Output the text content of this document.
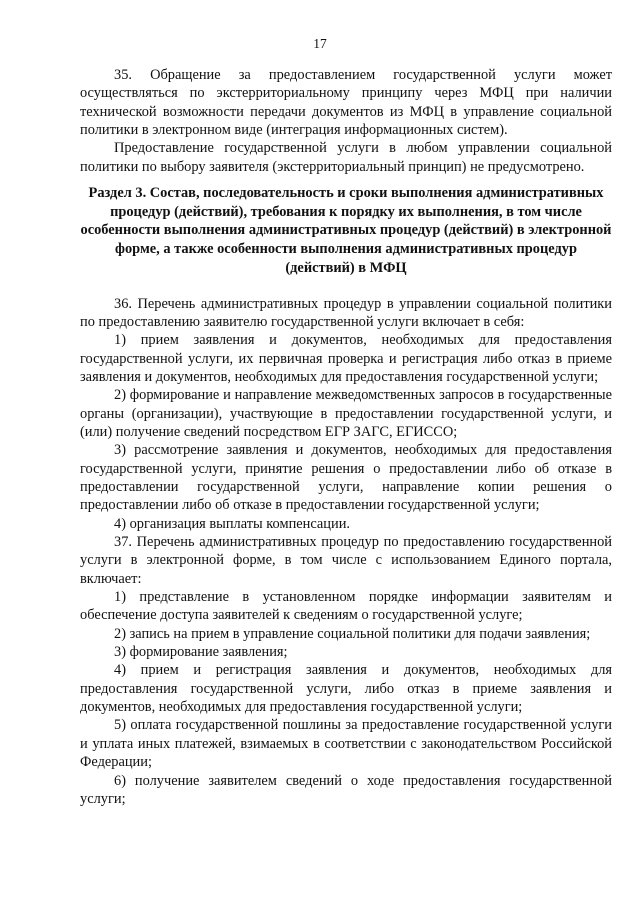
17

35. Обращение за предоставлением государственной услуги может осуществляться по экстерриториальному принципу через МФЦ при наличии технической возможности передачи документов из МФЦ в управление социальной политики в электронном виде (интеграция информационных систем).

Предоставление государственной услуги в любом управлении социальной политики по выбору заявителя (экстерриториальный принцип) не предусмотрено.

Раздел 3. Состав, последовательность и сроки выполнения административных процедур (действий), требования к порядку их выполнения, в том числе особенности выполнения административных процедур (действий) в электронной форме, а также особенности выполнения административных процедур (действий) в МФЦ

36. Перечень административных процедур в управлении социальной политики по предоставлению заявителю государственной услуги включает в себя:

1) прием заявления и документов, необходимых для предоставления государственной услуги, их первичная проверка и регистрация либо отказ в приеме заявления и документов, необходимых для предоставления государственной услуги;

2) формирование и направление межведомственных запросов в государственные органы (организации), участвующие в предоставлении государственной услуги, и (или) получение сведений посредством ЕГР ЗАГС, ЕГИССО;

3) рассмотрение заявления и документов, необходимых для предоставления государственной услуги, принятие решения о предоставлении либо об отказе в предоставлении государственной услуги, направление копии решения о предоставлении либо об отказе в предоставлении государственной услуги;

4) организация выплаты компенсации.

37. Перечень административных процедур по предоставлению государственной услуги в электронной форме, в том числе с использованием Единого портала, включает:

1) представление в установленном порядке информации заявителям и обеспечение доступа заявителей к сведениям о государственной услуге;

2) запись на прием в управление социальной политики для подачи заявления;

3) формирование заявления;

4) прием и регистрация заявления и документов, необходимых для предоставления государственной услуги, либо отказ в приеме заявления и документов, необходимых для предоставления государственной услуги;

5) оплата государственной пошлины за предоставление государственной услуги и уплата иных платежей, взимаемых в соответствии с законодательством Российской Федерации;

6) получение заявителем сведений о ходе предоставления государственной услуги;
